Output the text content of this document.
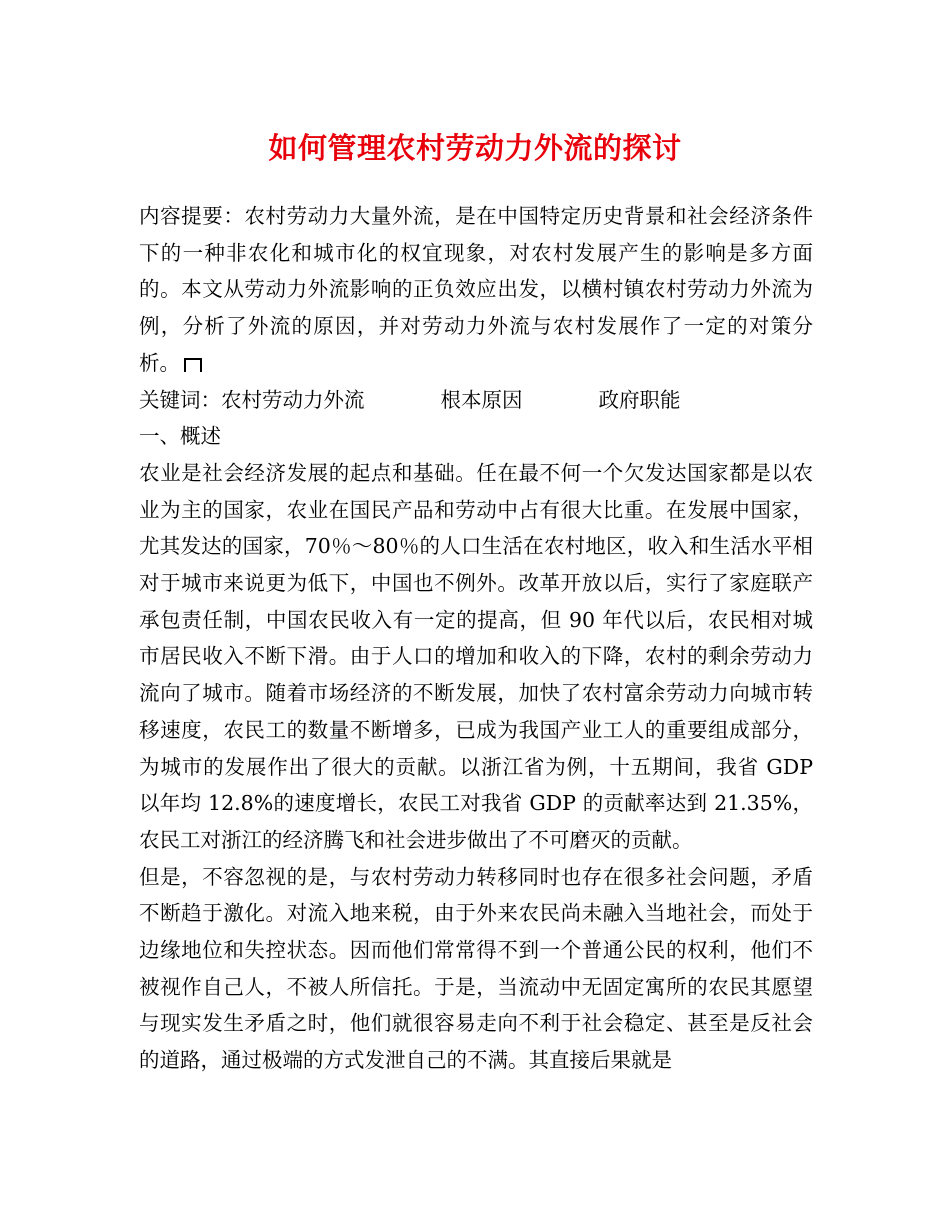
如何管理农村劳动力外流的探讨

内容提要：农村劳动力大量外流，是在中国特定历史背景和社会经济条件下的一种非农化和城市化的权宜现象，对农村发展产生的影响是多方面的。本文从劳动力外流影响的正负效应出发，以横村镇农村劳动力外流为例，分析了外流的原因，并对劳动力外流与农村发展作了一定的对策分析。

关键词：农村劳动力外流	根本原因	政府职能

一、概述

农业是社会经济发展的起点和基础。任在最不何一个欠发达国家都是以农业为主的国家，农业在国民产品和劳动中占有很大比重。在发展中国家，尤其发达的国家，70％～80％的人口生活在农村地区，收入和生活水平相对于城市来说更为低下，中国也不例外。改革开放以后，实行了家庭联产承包责任制，中国农民收入有一定的提高，但 90 年代以后，农民相对城市居民收入不断下滑。由于人口的增加和收入的下降，农村的剩余劳动力流向了城市。随着市场经济的不断发展，加快了农村富余劳动力向城市转移速度，农民工的数量不断增多，已成为我国产业工人的重要组成部分，为城市的发展作出了很大的贡献。以浙江省为例，十五期间，我省 GDP 以年均 12.8%的速度增长，农民工对我省 GDP 的贡献率达到 21.35%，农民工对浙江的经济腾飞和社会进步做出了不可磨灭的贡献。

但是，不容忽视的是，与农村劳动力转移同时也存在很多社会问题，矛盾不断趋于激化。对流入地来税，由于外来农民尚未融入当地社会，而处于边缘地位和失控状态。因而他们常常得不到一个普通公民的权利，他们不被视作自己人，不被人所信托。于是，当流动中无固定寓所的农民其愿望与现实发生矛盾之时，他们就很容易走向不利于社会稳定、甚至是反社会的道路，通过极端的方式发泄自己的不满。其直接后果就是
